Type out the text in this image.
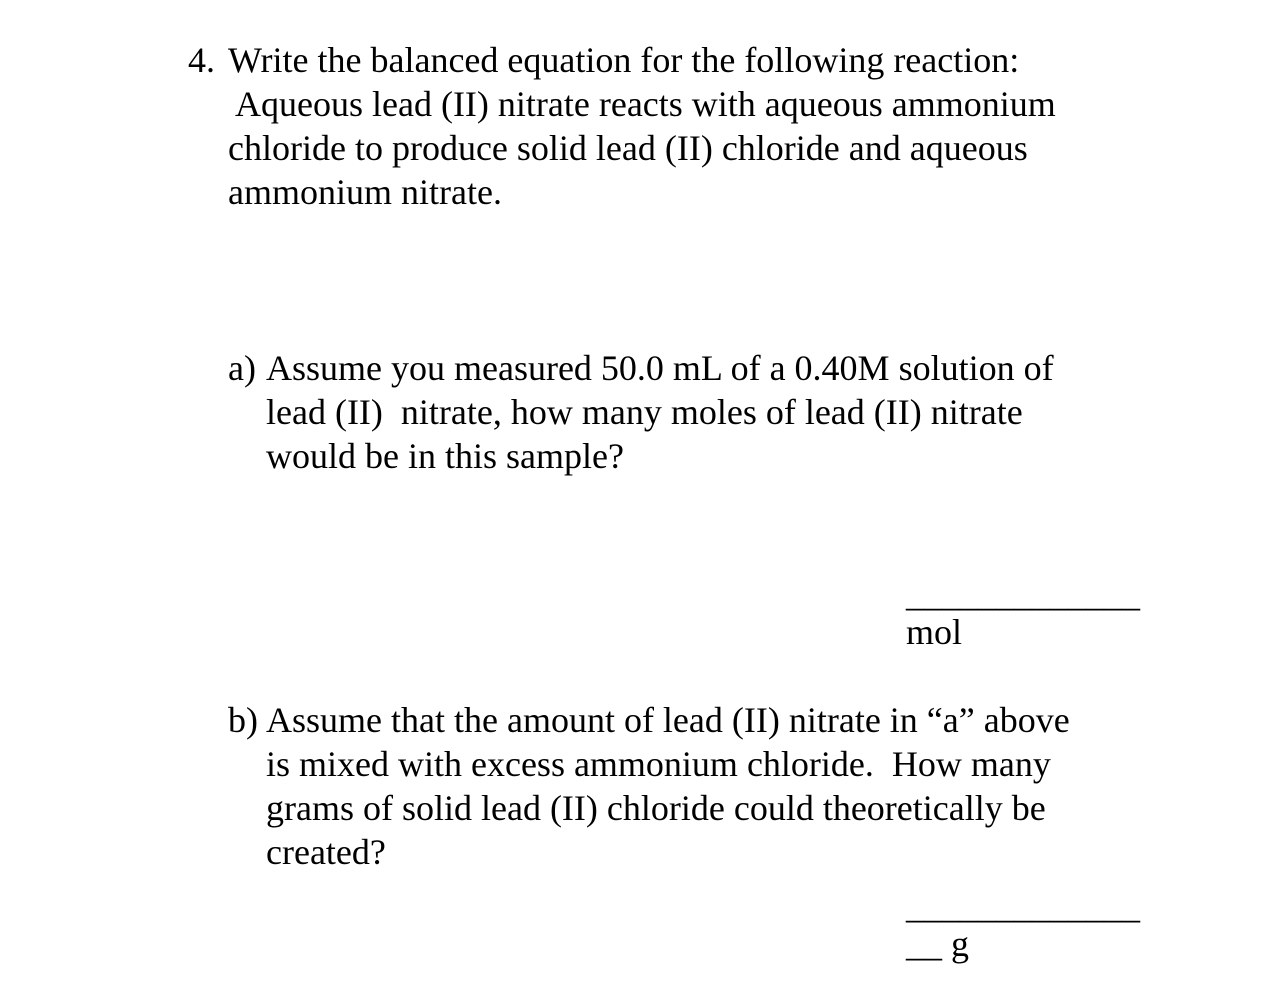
4. Write the balanced equation for the following reaction:
Aqueous lead (II) nitrate reacts with aqueous ammonium
chloride to produce solid lead (II) chloride and aqueous
ammonium nitrate.
a) Assume you measured 50.0 mL of a 0.40M solution of
lead (II)  nitrate, how many moles of lead (II) nitrate
would be in this sample?
_____________
mol
b) Assume that the amount of lead (II) nitrate in “a” above
is mixed with excess ammonium chloride.  How many
grams of solid lead (II) chloride could theoretically be
created?
_____________
__ g
